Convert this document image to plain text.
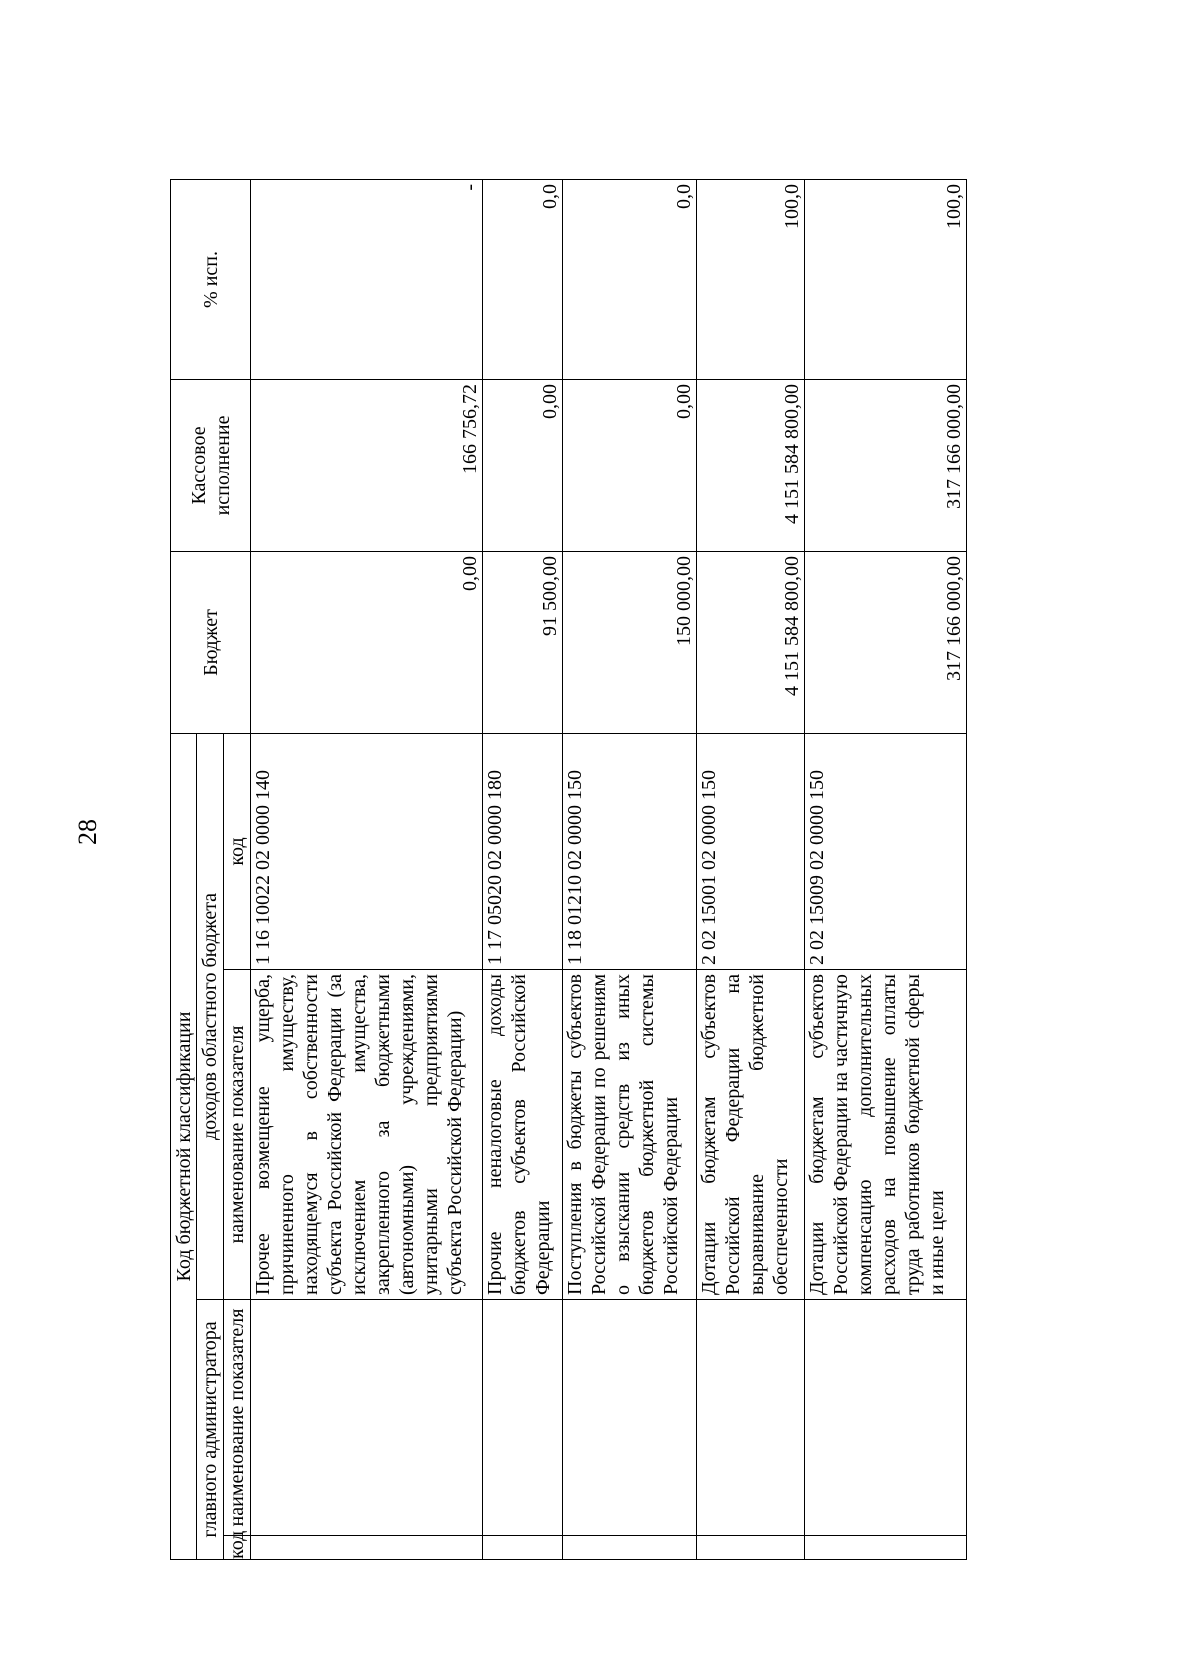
28
Код бюджетной классификации				Бюджет	Кассовое исполнение	% исп.
главного администратора		доходов областного бюджета				
код	наименование показателя	наименование показателя	код			
		Прочее возмещение ущерба, причиненного имуществу, находящемуся в собственности субъекта Российской Федерации (за исключением имущества, закрепленного за бюджетными (автономными) учреждениями, унитарными предприятиями субъекта Российской Федерации)	1 16 10022 02 0000 140	0,00	166 756,72	-
		Прочие неналоговые доходы бюджетов субъектов Российской Федерации	1 17 05020 02 0000 180	91 500,00	0,00	0,0
		Поступления в бюджеты субъектов Российской Федерации по решениям о взыскании средств из иных бюджетов бюджетной системы Российской Федерации	1 18 01210 02 0000 150	150 000,00	0,00	0,0
		Дотации бюджетам субъектов Российской Федерации на выравнивание бюджетной обеспеченности	2 02 15001 02 0000 150	4 151 584 800,00	4 151 584 800,00	100,0
		Дотации бюджетам субъектов Российской Федерации на частичную компенсацию дополнительных расходов на повышение оплаты труда работников бюджетной сферы и иные цели	2 02 15009 02 0000 150	317 166 000,00	317 166 000,00	100,0
